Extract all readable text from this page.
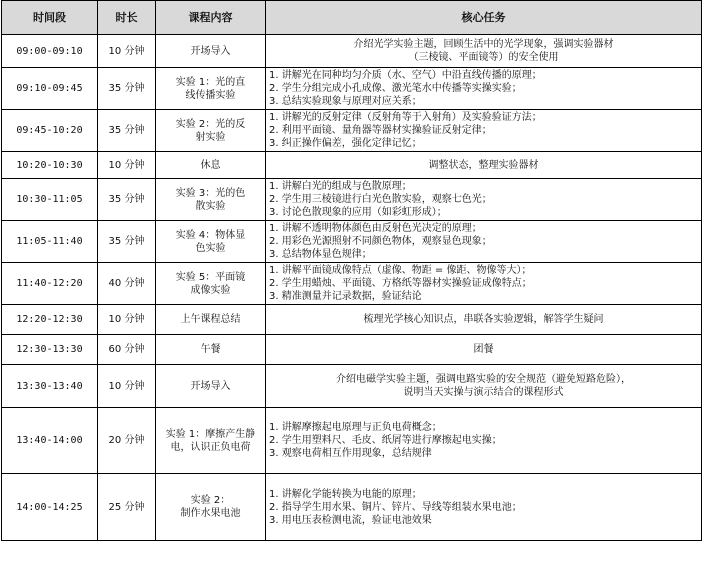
时间段	时长	课程内容	核心任务
09:00-09:10	10 分钟	开场导入	介绍光学实验主题，回顾生活中的光学现象，强调实验器材
（三棱镜、平面镜等）的安全使用

09:10-09:45	35 分钟	实验 1：光的直
线传播实验	1. 讲解光在同种均匀介质（水、空气）中沿直线传播的原理；
2. 学生分组完成小孔成像、激光笔水中传播等实操实验；
3. 总结实验现象与原理对应关系；

09:45-10:20	35 分钟	实验 2：光的反
射实验	1. 讲解光的反射定律（反射角等于入射角）及实验验证方法；
2. 利用平面镜、量角器等器材实操验证反射定律；
3. 纠正操作偏差，强化定律记忆；

10:20-10:30	10 分钟	休息	调整状态，整理实验器材

10:30-11:05	35 分钟	实验 3：光的色
散实验	1. 讲解白光的组成与色散原理；
2. 学生用三棱镜进行白光色散实验，观察七色光；
3. 讨论色散现象的应用（如彩虹形成）；

11:05-11:40	35 分钟	实验 4：物体显
色实验	1. 讲解不透明物体颜色由反射色光决定的原理；
2. 用彩色光源照射不同颜色物体，观察显色现象；
3. 总结物体显色规律；

11:40-12:20	40 分钟	实验 5：平面镜
成像实验	1. 讲解平面镜成像特点（虚像、物距 = 像距、物像等大）；
2. 学生用蜡烛、平面镜、方格纸等器材实操验证成像特点；
3. 精准测量并记录数据，验证结论

12:20-12:30	10 分钟	上午课程总结	梳理光学核心知识点，串联各实验逻辑，解答学生疑问

12:30-13:30	60 分钟	午餐	团餐

13:30-13:40	10 分钟	开场导入	介绍电磁学实验主题，强调电路实验的安全规范（避免短路危险），
说明当天实操与演示结合的课程形式

13:40-14:00	20 分钟	实验 1：摩擦产生静
电，认识正负电荷	1. 讲解摩擦起电原理与正负电荷概念；
2. 学生用塑料尺、毛皮、纸屑等进行摩擦起电实操；
3. 观察电荷相互作用现象，总结规律

14:00-14:25	25 分钟	实验 2：
制作水果电池	1. 讲解化学能转换为电能的原理；
2. 指导学生用水果、铜片、锌片、导线等组装水果电池；
3. 用电压表检测电流，验证电池效果
